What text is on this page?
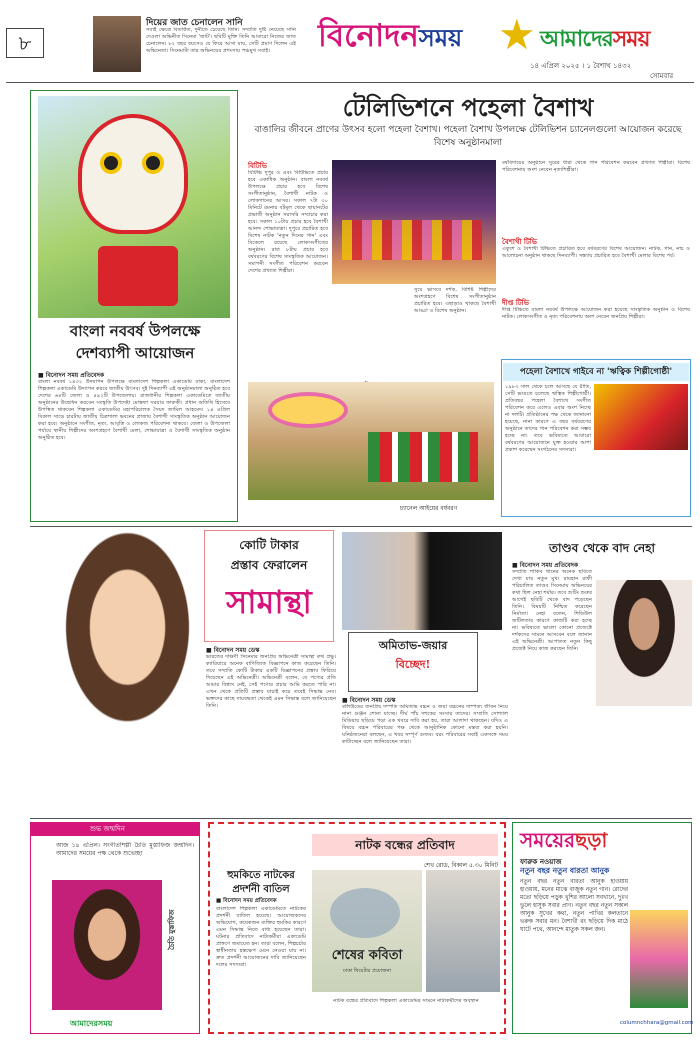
৮
দিয়ের জাত চেনালেন সানি
সবাই ক্ষেত্রে বিতর্কিত, দুর্নীতে চেয়েছে তিনি। সম্প্রতি দুষ্টি নেয়েছে সানি দেওলা অভিনীত সিনেমা 'জাট'। ছবিটি মুক্তি তিনি আবারো নিজের জাত চেনালেন। ৮২ বছর বয়সেও যে ফিরে আসা যায়, সেটি প্রমাণ দিলেন এই অভিনেতা। সিনেমাটা তার অভিনয়ের প্রশংসায় পঞ্চমুখ সবাই।	বিনোদনসময় ★ আমাদেরসময়
১৪ এপ্রিল ২০২৫ । ১ বৈশাখ ১৪৩২
সোমবার
বাংলা নববর্ষ উপলক্ষে
দেশব্যাপী আয়োজন
■ বিনোদন সময় প্রতিবেদক
বাংলা নববর্ষ ১৪৩২ উদযাপন উপলক্ষে বাংলাদেশ শিল্পকলা একাডেমি ঢাকা, বাংলাদেশ শিল্পকলা একাডেমি উদ্যাপন করবে জাতীয় উৎসব। দুই দিনব্যাপী এই অনুষ্ঠানমালা অনুষ্ঠিত হবে দেশের ৬৪টি জেলা ও ৪৯২টি উপজেলায়। রাজধানীর শিল্পকলা একাডেমিতে জাতীয় অনুষ্ঠানের উদ্বোধন করবেন সংস্কৃতি উপদেষ্টা মোস্তফা সরয়ার ফারুকী। প্রধান অতিথি হিসেবে উপস্থিত থাকবেন শিল্পকলা একাডেমির মহাপরিচালক সৈয়দ জামিল আহমেদ। ১৪ এপ্রিল বিকাল সাড়ে চারটায় জাতীয় চিত্রশালা ভবনের প্লাজায় বৈশাখী সাংস্কৃতিক অনুষ্ঠান আয়োজন করা হবে। অনুষ্ঠানে সংগীত, নৃত্য, আবৃত্তি ও লোকজ পরিবেশনা থাকবে। জেলা ও উপজেলা পর্যায়ে স্থানীয় শিল্পীদের অংশগ্রহণে বৈশাখী মেলা, শোভাযাত্রা ও বৈশাখী সাংস্কৃতিক অনুষ্ঠান অনুষ্ঠিত হবে।
টেলিভিশনে পহেলা বৈশাখ
বাঙালির জীবনে প্রাণের উৎসব হলো পহেলা বৈশাখ। পহেলা বৈশাখ উপলক্ষে টেলিভিশন চ্যানেলগুলো আয়োজন করেছে বিশেষ অনুষ্ঠানমালা
বিটিভি
বিটিভি দুপুর ও এবং বিটিভিতে প্রচার হবে একাধিক অনুষ্ঠান। বাংলা নববর্ষ উপলক্ষে প্রচার হবে বিশেষ সংগীতানুষ্ঠান, বৈশাখী নাটক ও লোকগানের আসর। সকাল ৭টা ৩০ মিনিটে রমনার বটমূল থেকে ছায়ানটের প্রভাতী অনুষ্ঠান সরাসরি সম্প্রচার করা হবে। সকাল ১০টায় প্রচার হবে বৈশাখী আনন্দ শোভাযাত্রা। দুপুরে প্রচারিত হবে বিশেষ নাটক 'নতুন দিনের গান' এবং বিকেলে রয়েছে লোকসংগীতের অনুষ্ঠান। রাত ৮টায় প্রচার হবে বর্ষবরণের বিশেষ সাংস্কৃতিক আয়োজন। সমাপনী সংগীত পরিবেশন করবেন দেশের প্রখ্যাত শিল্পীরা।
সুরে ভাসবে দর্শক, বিশিষ্ট শিল্পীদের অংশগ্রহণে বিশেষ সংগীতানুষ্ঠান প্রচারিত হবে। এছাড়াও থাকছে বৈশাখী আড্ডা ও বিশেষ অনুষ্ঠান।
চ্যানেল আইয়ের বর্ষবরণ
বর্ষবিদায়ের অনুষ্ঠানে সুরের ধারা থেকে গান পরিবেশন করবেন প্রখ্যাত শিল্পীরা। বিশেষ পরিবেশনায় অংশ নেবেন নৃত্যশিল্পীরা।
বৈশাখী টিভি
একুশে ও বৈশাখী টিভিতে প্রচারিত হবে বর্ষবরণের বিশেষ আয়োজন। নাটক, গান, নাচ ও আলোচনা অনুষ্ঠান থাকছে দিনব্যাপী। সন্ধ্যায় প্রচারিত হবে বৈশাখী মেলার বিশেষ পর্ব।
দীপ্ত টিভি
দীপ্ত টিভিতে বাংলা নববর্ষ উপলক্ষে আয়োজন করা হয়েছে সাংস্কৃতিক অনুষ্ঠান ও বিশেষ নাটক। লোকসংগীত ও নৃত্য পরিবেশনায় অংশ নেবেন জনপ্রিয় শিল্পীরা।
পহেলা বৈশাখে গাইবে না 'ঋত্বিক শিল্পীগোষ্ঠী'
১৯৮৩ সাল থেকে চলে আসছে যে রীতি, সেটি ভাঙতে চলেছে ঋত্বিক শিল্পীগোষ্ঠী। প্রতিবছর পহেলা বৈশাখে সংগীত পরিবেশন করে এলেও এবার অংশ নিচ্ছে না দলটি। প্রতিষ্ঠানের পক্ষ থেকে জানানো হয়েছে, নানা কারণে এ বছর বর্ষবরণের অনুষ্ঠানে তাদের গান পরিবেশন করা সম্ভব হচ্ছে না। তবে ভবিষ্যতে আবারো বর্ষবরণের আয়োজনে যুক্ত হওয়ার আশা প্রকাশ করেছেন সংগঠনের সদস্যরা।
কোটি টাকার
প্রস্তাব ফেরালেন
সামান্থা
■ বিনোদন সময় ডেস্ক
ভারতের দক্ষিণী সিনেমার জনপ্রিয় অভিনেত্রী সামান্থা রুথ প্রভু। ক্যারিয়ারে অনেক বাণিজ্যিক বিজ্ঞাপনে কাজ করেছেন তিনি। তবে সম্প্রতি কোটি টাকার একটি বিজ্ঞাপনের প্রস্তাব ফিরিয়ে দিয়েছেন এই অভিনেত্রী। অভিনেত্রী বলেন, যে পণ্যের প্রতি আমার বিশ্বাস নেই, সেই পণ্যের প্রচার আমি করতে পারি না। এখন থেকে প্রতিটি প্রস্তাব যাচাই করে তবেই সিদ্ধান্ত নেব। ভক্তদের কাছে দায়বদ্ধতা থেকেই এমন সিদ্ধান্ত বলে জানিয়েছেন তিনি।
অমিতাভ-জয়ার
বিচ্ছেদ!
■ বিনোদন সময় ডেস্ক
বলিউডের জনপ্রিয় দম্পতি অমিতাভ বচ্চন ও জয়া বচ্চনের দাম্পত্য জীবন নিয়ে নানা গুঞ্জন শোনা যাচ্ছে। দীর্ঘ পাঁচ দশকের সংসার তাদের। সম্প্রতি সোশ্যাল মিডিয়ায় ছড়িয়ে পড়া এক খবরে দাবি করা হয়, তারা আলাদা থাকছেন। যদিও এ বিষয়ে বচ্চন পরিবারের পক্ষ থেকে আনুষ্ঠানিক কোনো মন্তব্য করা হয়নি। ঘনিষ্ঠজনেরা বলছেন, এ খবর সম্পূর্ণ গুজব। বরং পরিবারের সবাই একসঙ্গে সময় কাটাচ্ছেন বলে জানিয়েছেন তারা।
তাণ্ডব থেকে বাদ নেহা
■ বিনোদন সময় প্রতিবেদক
সম্প্রতি শাকিব খানের অনেক ছবিতে দেখা যায় নতুন মুখ। রায়হান রাফী পরিচালিত তাণ্ডব সিনেমায় অভিনয়ের কথা ছিল নেহা শর্মার। তবে শুটিং শুরুর আগেই ছবিটি থেকে বাদ পড়েছেন তিনি। বিষয়টি নিশ্চিত করেছেন নির্মাতা। নেহা বলেন, শিডিউল জটিলতার কারণে কাজটি করা হচ্ছে না। ভবিষ্যতে ভালো কোনো প্রজেক্টে দর্শকদের সামনে আসবেন বলে জানান এই অভিনেত্রী। আপাতত নতুন কিছু প্রজেক্ট নিয়ে কাজ করছেন তিনি।
শুভ জন্মদিন
আজ ১৪ এপ্রিল। সংগীতশিল্পী চৈতি মুস্তাফিজ জন্মদিন। আমাদের সময়ের পক্ষ থেকে শুভেচ্ছা
চৈতি মুস্তাফিজ
আমাদেরসময়
হুমকিতে নাটকের
প্রদর্শনী বাতিল
■ বিনোদন সময় প্রতিবেদক
বাংলাদেশ শিল্পকলা একাডেমিতে নাটকের প্রদর্শনী বাতিল হয়েছে। আয়োজকদের অভিযোগ, কয়েকজন ব্যক্তির হুমকির কারণে এমন সিদ্ধান্ত নিতে বাধ্য হয়েছেন তারা। ঘটনার প্রতিবাদে নাট্যকর্মীরা একাডেমি প্রাঙ্গণে জমায়েত হন। তারা বলেন, শিল্পচর্চার স্বাধীনতায় হস্তক্ষেপ মেনে নেওয়া যায় না। দ্রুত প্রদর্শনী আয়োজনের দাবি জানিয়েছেন দলের সদস্যরা।
নাটক বন্ধের প্রতিবাদ
শেখ রোড, বিকাল ৫.৩০ মিনিট
শেষের কবিতা
ঢাকা থিয়েটার প্রযোজনা
নাটক বন্ধের প্রতিবাদে শিল্পকলা একাডেমির সামনে নাট্যকর্মীদের অবস্থান
সময়েরছড়া
ফারুক নওয়াজ
নতুন বছর নতুন বারতা আনুক
নতুন বছর নতুন বারতা আনুক হাওয়ায় হাওয়ায়, মনের মাঝে বাজুক নতুন গান। রোদের মতো ছড়িয়ে পড়ুক খুশির আলো সবখানে, দুঃখ ভুলে হাসুক সবার প্রাণ। নতুন বছর নতুন সকাল আনুক সুখের কথা, নতুন পাখির কলতানে ভরুক সবার মন। বৈশাখী রং ছড়িয়ে দিক মাঠে ঘাটে পথে, আনন্দে মাতুক সকল জন।
columnchhara@gmail.com
